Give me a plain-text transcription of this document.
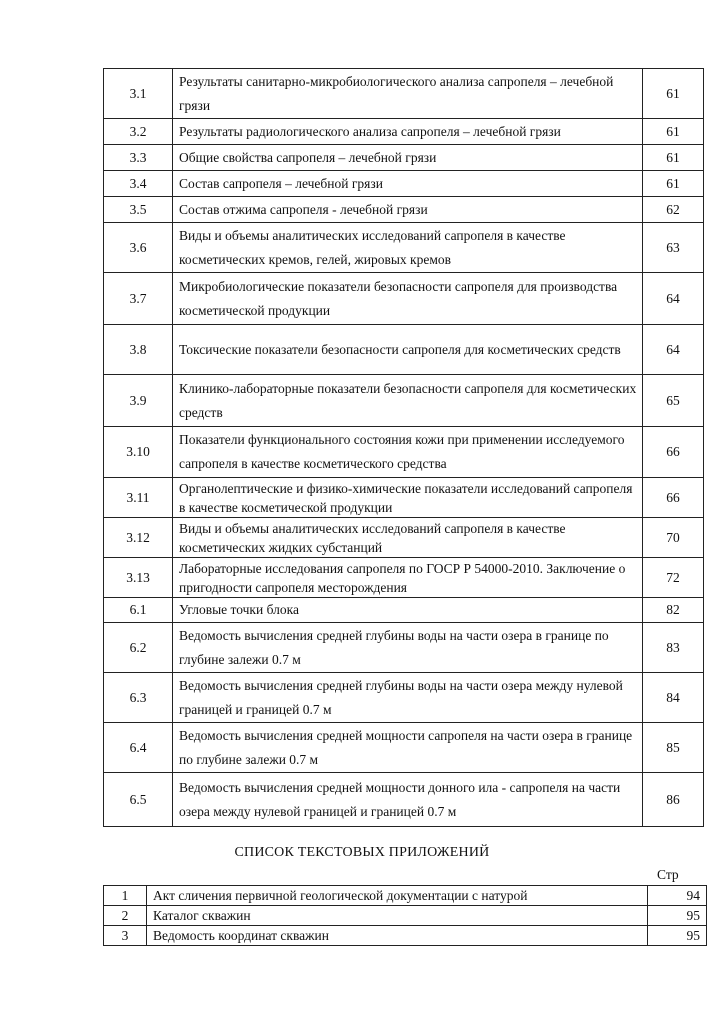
3.1	Результаты санитарно-микробиологического анализа сапропеля – лечебной грязи	61
3.2	Результаты радиологического анализа сапропеля – лечебной грязи	61
3.3	Общие свойства сапропеля – лечебной грязи	61
3.4	Состав сапропеля – лечебной грязи	61
3.5	Состав отжима сапропеля - лечебной грязи	62
3.6	Виды и объемы аналитических исследований сапропеля в качестве косметических кремов, гелей, жировых кремов	63
3.7	Микробиологические показатели безопасности сапропеля для производства косметической продукции	64
3.8	Токсические показатели безопасности сапропеля для косметических средств	64
3.9	Клинико-лабораторные показатели безопасности сапропеля для косметических средств	65
3.10	Показатели функционального состояния кожи при применении исследуемого сапропеля в качестве косметического средства	66
3.11	Органолептические и физико-химические показатели исследований сапропеля в качестве косметической продукции	66
3.12	Виды и объемы аналитических исследований сапропеля в качестве косметических жидких субстанций	70
3.13	Лабораторные исследования сапропеля по ГОСР Р 54000-2010. Заключение о пригодности сапропеля месторождения	72
6.1	Угловые точки блока	82
6.2	Ведомость вычисления средней глубины воды на части озера в границе по глубине залежи 0.7 м	83
6.3	Ведомость вычисления средней глубины воды на части озера между нулевой границей и границей 0.7 м	84
6.4	Ведомость вычисления средней мощности сапропеля на части озера в границе по глубине залежи 0.7 м	85
6.5	Ведомость вычисления средней мощности донного ила - сапропеля на части озера между нулевой границей и границей 0.7 м	86
СПИСОК ТЕКСТОВЫХ ПРИЛОЖЕНИЙ
Стр
1	Акт сличения первичной геологической документации с натурой	94
2	Каталог скважин	95
3	Ведомость координат скважин	95
